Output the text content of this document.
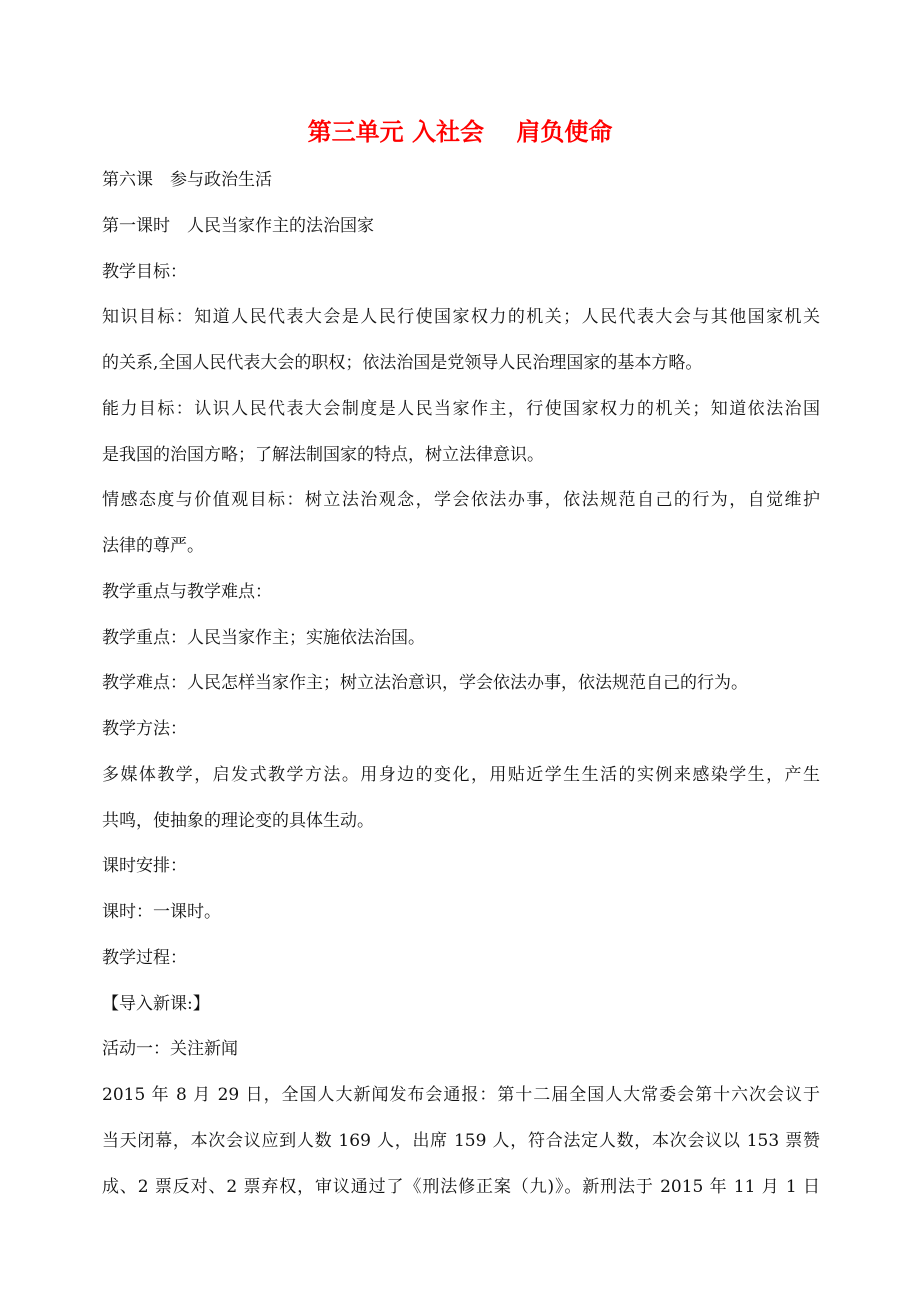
第三单元 入社会　 肩负使命
第六课　参与政治生活
第一课时　人民当家作主的法治国家
教学目标：
知识目标：知道人民代表大会是人民行使国家权力的机关；人民代表大会与其他国家机关
的关系,全国人民代表大会的职权；依法治国是党领导人民治理国家的基本方略。
能力目标：认识人民代表大会制度是人民当家作主，行使国家权力的机关；知道依法治国
是我国的治国方略；了解法制国家的特点，树立法律意识。
情感态度与价值观目标：树立法治观念，学会依法办事，依法规范自己的行为，自觉维护
法律的尊严。
教学重点与教学难点：
教学重点：人民当家作主；实施依法治国。
教学难点：人民怎样当家作主；树立法治意识，学会依法办事，依法规范自己的行为。
教学方法：
多媒体教学，启发式教学方法。用身边的变化，用贴近学生生活的实例来感染学生，产生
共鸣，使抽象的理论变的具体生动。
课时安排：
课时：一课时。
教学过程：
【导入新课:】
活动一：关注新闻
2015 年 8 月 29 日，全国人大新闻发布会通报：第十二届全国人大常委会第十六次会议于
当天闭幕，本次会议应到人数 169 人，出席 159 人，符合法定人数，本次会议以 153 票赞
成、2 票反对、2 票弃权，审议通过了《刑法修正案（九)》。新刑法于 2015 年 11 月 1 日
